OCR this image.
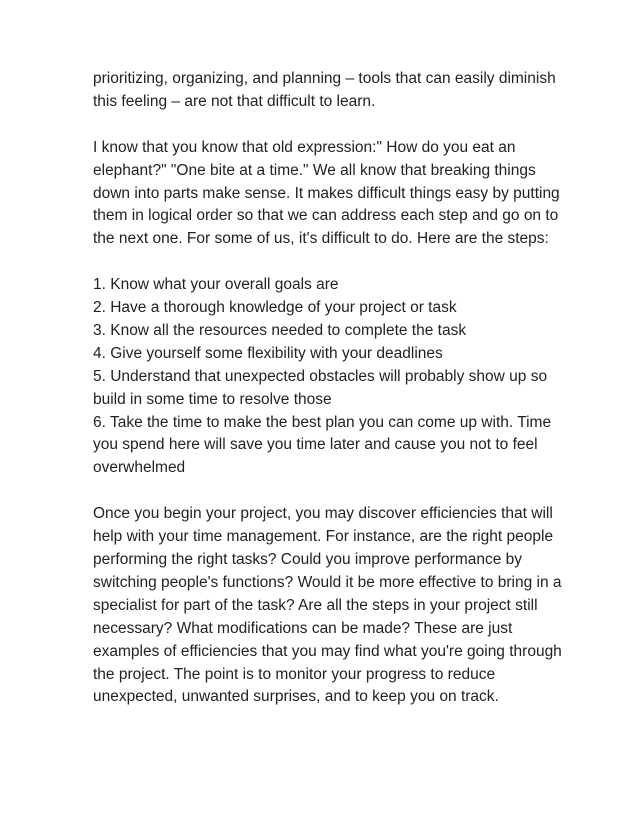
prioritizing, organizing, and planning – tools that can easily diminish this feeling – are not that difficult to learn.

I know that you know that old expression:" How do you eat an elephant?" "One bite at a time." We all know that breaking things down into parts make sense. It makes difficult things easy by putting them in logical order so that we can address each step and go on to the next one. For some of us, it's difficult to do. Here are the steps:

1. Know what your overall goals are

2. Have a thorough knowledge of your project or task

3. Know all the resources needed to complete the task

4. Give yourself some flexibility with your deadlines

5. Understand that unexpected obstacles will probably show up so build in some time to resolve those

6. Take the time to make the best plan you can come up with. Time you spend here will save you time later and cause you not to feel overwhelmed

Once you begin your project, you may discover efficiencies that will help with your time management. For instance, are the right people performing the right tasks? Could you improve performance by switching people's functions? Would it be more effective to bring in a specialist for part of the task? Are all the steps in your project still necessary? What modifications can be made? These are just examples of efficiencies that you may find what you're going through the project. The point is to monitor your progress to reduce unexpected, unwanted surprises, and to keep you on track.
